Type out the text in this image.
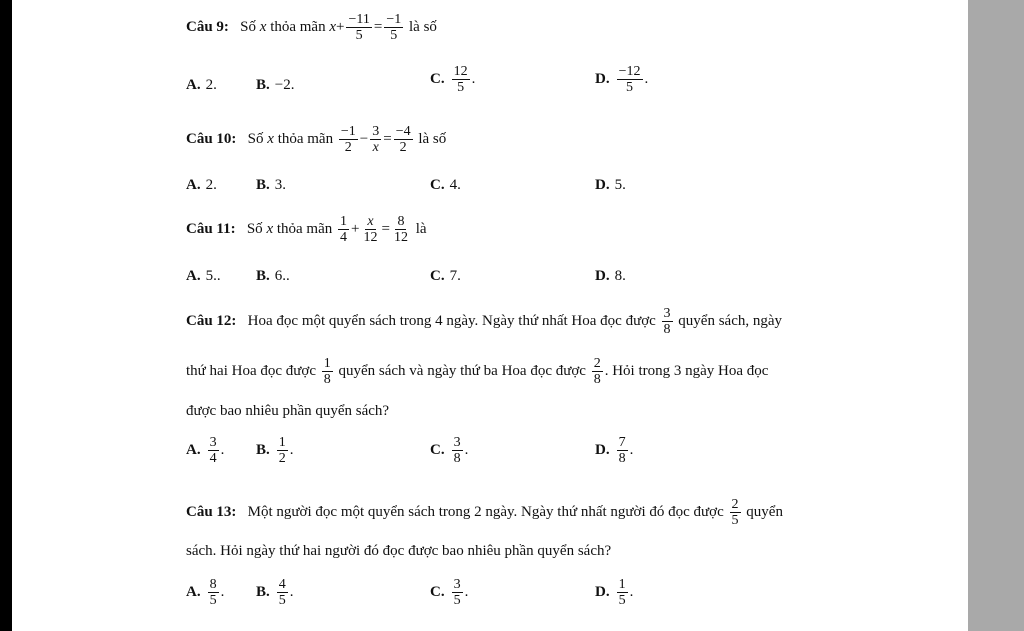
Câu 9: Số x thỏa mãn $x+ \frac{-11}{5} = \frac{-1}{5}$ là số
A. 2.	B. −2.	C. $\frac{12}{5}$ .	D. $\frac{-12}{5}$ .
Câu 10: Số x thỏa mãn $\frac{-1}{2} - \frac{3}{x} = \frac{-4}{2}$ là số
A. 2.	B. 3.	C. 4.	D. 5.
Câu 11: Số x thỏa mãn $\frac{1}{4} + \frac{x}{12} = \frac{8}{12}$ là
A. 5.. B. 6..	C. 7.	D. 8.
Câu 12: Hoa đọc một quyển sách trong 4 ngày. Ngày thứ nhất Hoa đọc được $\frac{3}{8}$ quyển sách, ngày
thứ hai Hoa đọc được $\frac{1}{8}$ quyển sách và ngày thứ ba Hoa đọc được $\frac{2}{8}$ . Hỏi trong 3 ngày Hoa đọc
được bao nhiêu phần quyển sách?
A. $\frac{3}{4}$ . B. $\frac{1}{2}$ .	C. $\frac{3}{8}$ .	D. $\frac{7}{8}$ .
Câu 13: Một người đọc một quyển sách trong 2 ngày. Ngày thứ nhất người đó đọc được $\frac{2}{5}$ quyển
sách. Hỏi ngày thứ hai người đó đọc được bao nhiêu phần quyển sách?
A. $\frac{8}{5}$ . B. $\frac{4}{5}$ .	C. $\frac{3}{5}$ .	D. $\frac{1}{5}$ .
